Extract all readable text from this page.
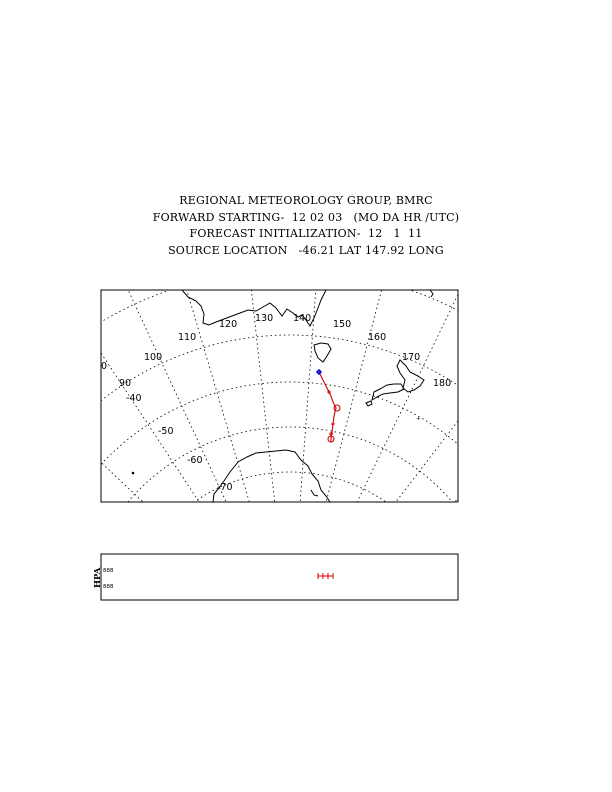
REGIONAL METEOROLOGY GROUP, BMRC
FORWARD STARTING-  12 02 03   (MO DA HR /UTC)
FORECAST INITIALIZATION-  12   1  11
SOURCE LOCATION   -46.21 LAT 147.92 LONG
+
100
110
120
130 140
150
160
170
180
90
0
-40
-50
-60
-70
HPA 888
888
